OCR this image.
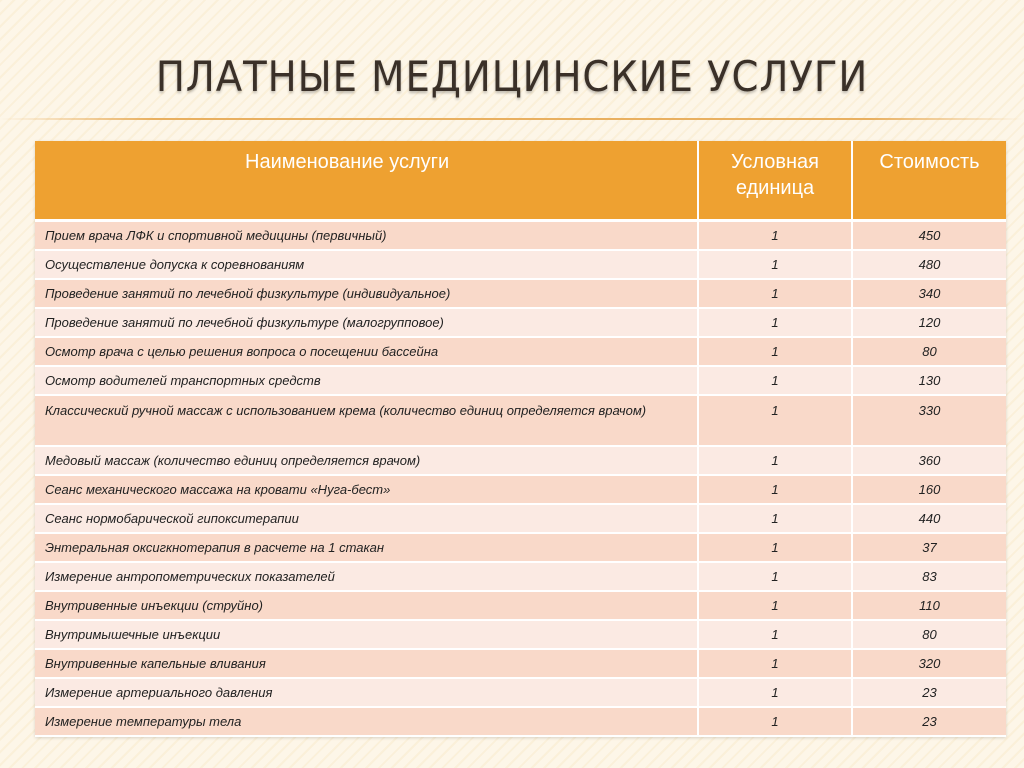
ПЛАТНЫЕ МЕДИЦИНСКИЕ УСЛУГИ
Наименование услуги	Условная единица	Стоимость
Прием врача ЛФК и спортивной медицины (первичный)	1	450
Осуществление допуска к соревнованиям	1	480
Проведение занятий по лечебной физкультуре (индивидуальное)	1	340
Проведение занятий по лечебной физкультуре (малогрупповое)	1	120
Осмотр врача с целью решения вопроса о посещении бассейна	1	80
Осмотр водителей транспортных средств	1	130
Классический ручной массаж с использованием крема (количество единиц определяется врачом)	1	330
Медовый массаж (количество единиц определяется врачом)	1	360
Сеанс механического массажа на кровати «Нуга-бест»	1	160
Сеанс нормобарической гипокситерапии	1	440
Энтеральная оксигкнотерапия в расчете на 1 стакан	1	37
Измерение антропометрических показателей	1	83
Внутривенные инъекции (струйно)	1	110
Внутримышечные инъекции	1	80
Внутривенные капельные вливания	1	320
Измерение артериального давления	1	23
Измерение температуры тела	1	23
